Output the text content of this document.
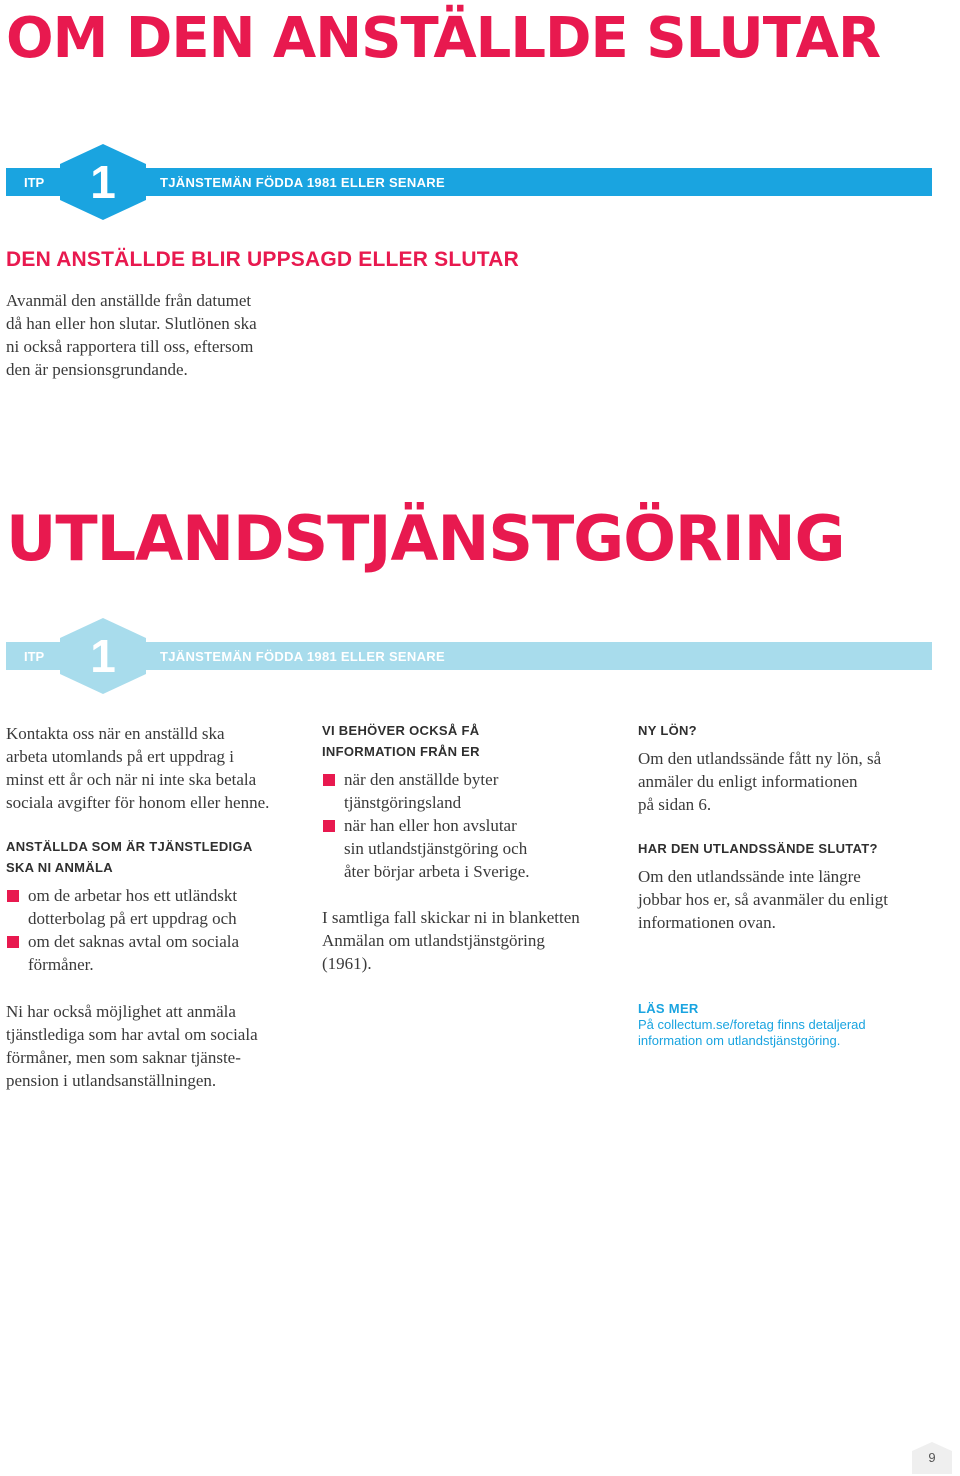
OM DEN ANSTÄLLDE SLUTAR
1
ITP	TJÄNSTEMÄN FÖDDA 1981 ELLER SENARE
DEN ANSTÄLLDE BLIR UPPSAGD ELLER SLUTAR
Avanmäl den anställde från datumet
då han eller hon slutar. Slutlönen ska
ni också rapportera till oss, eftersom
den är pensionsgrundande.
UTLANDSTJÄNSTGÖRING
1
ITP	TJÄNSTEMÄN FÖDDA 1981 ELLER SENARE
Kontakta oss när en anställd ska
arbeta utomlands på ert uppdrag i
minst ett år och när ni inte ska betala
sociala avgifter för honom eller henne.
ANSTÄLLDA SOM ÄR TJÄNSTLEDIGA
SKA NI ANMÄLA
om de arbetar hos ett utländskt
dotterbolag på ert uppdrag och
om det saknas avtal om sociala
förmåner.
Ni har också möjlighet att anmäla
tjänstlediga som har avtal om sociala
förmåner, men som saknar tjänste-
pension i utlandsanställningen.
VI BEHÖVER OCKSÅ FÅ
INFORMATION FRÅN ER
när den anställde byter
tjänstgöringsland
när han eller hon avslutar
sin utlandstjänstgöring och
åter börjar arbeta i Sverige.
I samtliga fall skickar ni in blanketten
Anmälan om utlandstjänstgöring
(1961).
NY LÖN?
Om den utlandssände fått ny lön, så
anmäler du enligt informationen
på sidan 6.
HAR DEN UTLANDSSÄNDE SLUTAT?
Om den utlandssände inte längre
jobbar hos er, så avanmäler du enligt
informationen ovan.
LÄS MER
På collectum.se/foretag finns detaljerad
information om utlandstjänstgöring.
9
